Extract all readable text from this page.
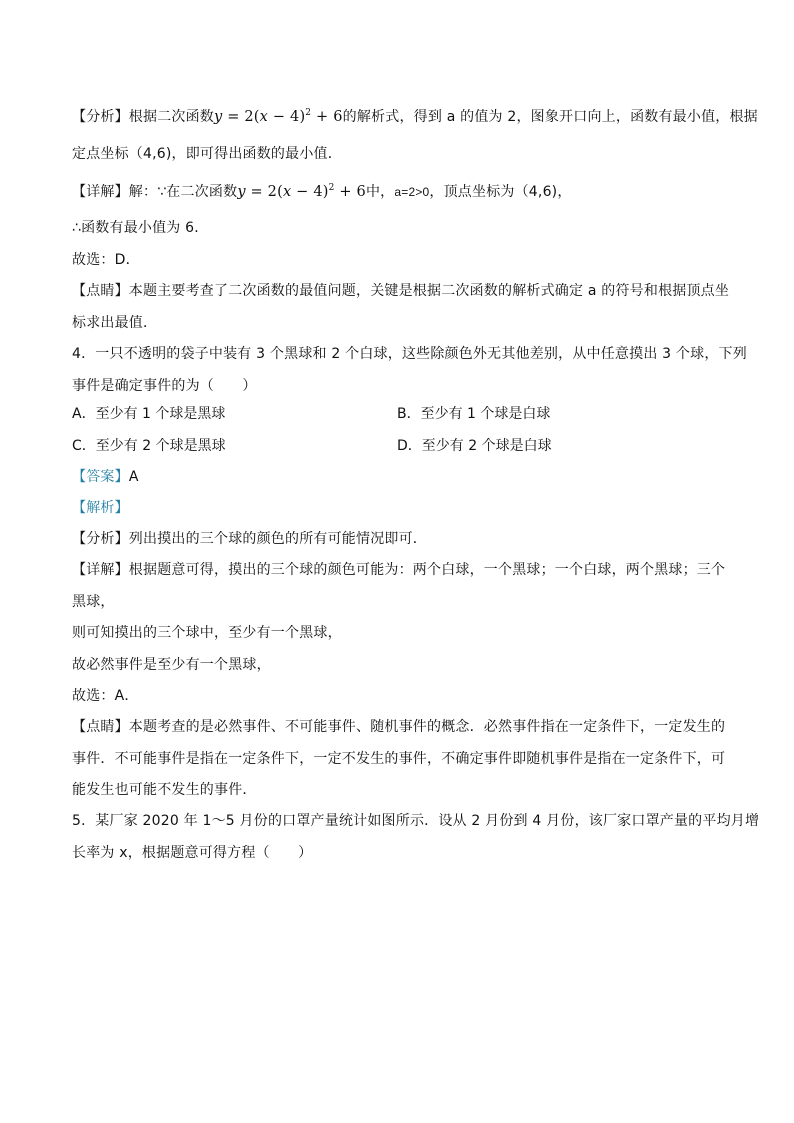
【分析】根据二次函数$y = 2(x - 4)^2 + 6$的解析式，得到 a 的值为 2，图象开口向上，函数有最小值，根据
定点坐标（4,6)，即可得出函数的最小值．
【详解】解：∵在二次函数$y = 2(x - 4)^2 + 6$中，a=2>0，顶点坐标为（4,6)，
∴函数有最小值为 6．
故选：D．
【点睛】本题主要考查了二次函数的最值问题，关键是根据二次函数的解析式确定 a 的符号和根据顶点坐
标求出最值．
4．一只不透明的袋子中装有 3 个黑球和 2 个白球，这些除颜色外无其他差别，从中任意摸出 3 个球，下列
事件是确定事件的为（　　）
A．至少有 1 个球是黑球	B．至少有 1 个球是白球
C．至少有 2 个球是黑球	D．至少有 2 个球是白球
【答案】A
【解析】
【分析】列出摸出的三个球的颜色的所有可能情况即可．
【详解】根据题意可得，摸出的三个球的颜色可能为：两个白球，一个黑球；一个白球，两个黑球；三个
黑球，
则可知摸出的三个球中，至少有一个黑球，
故必然事件是至少有一个黑球，
故选：A．
【点睛】本题考查的是必然事件、不可能事件、随机事件的概念．必然事件指在一定条件下，一定发生的
事件．不可能事件是指在一定条件下，一定不发生的事件，不确定事件即随机事件是指在一定条件下，可
能发生也可能不发生的事件．
5．某厂家 2020 年 1～5 月份的口罩产量统计如图所示．设从 2 月份到 4 月份，该厂家口罩产量的平均月增
长率为 x，根据题意可得方程（　　）
